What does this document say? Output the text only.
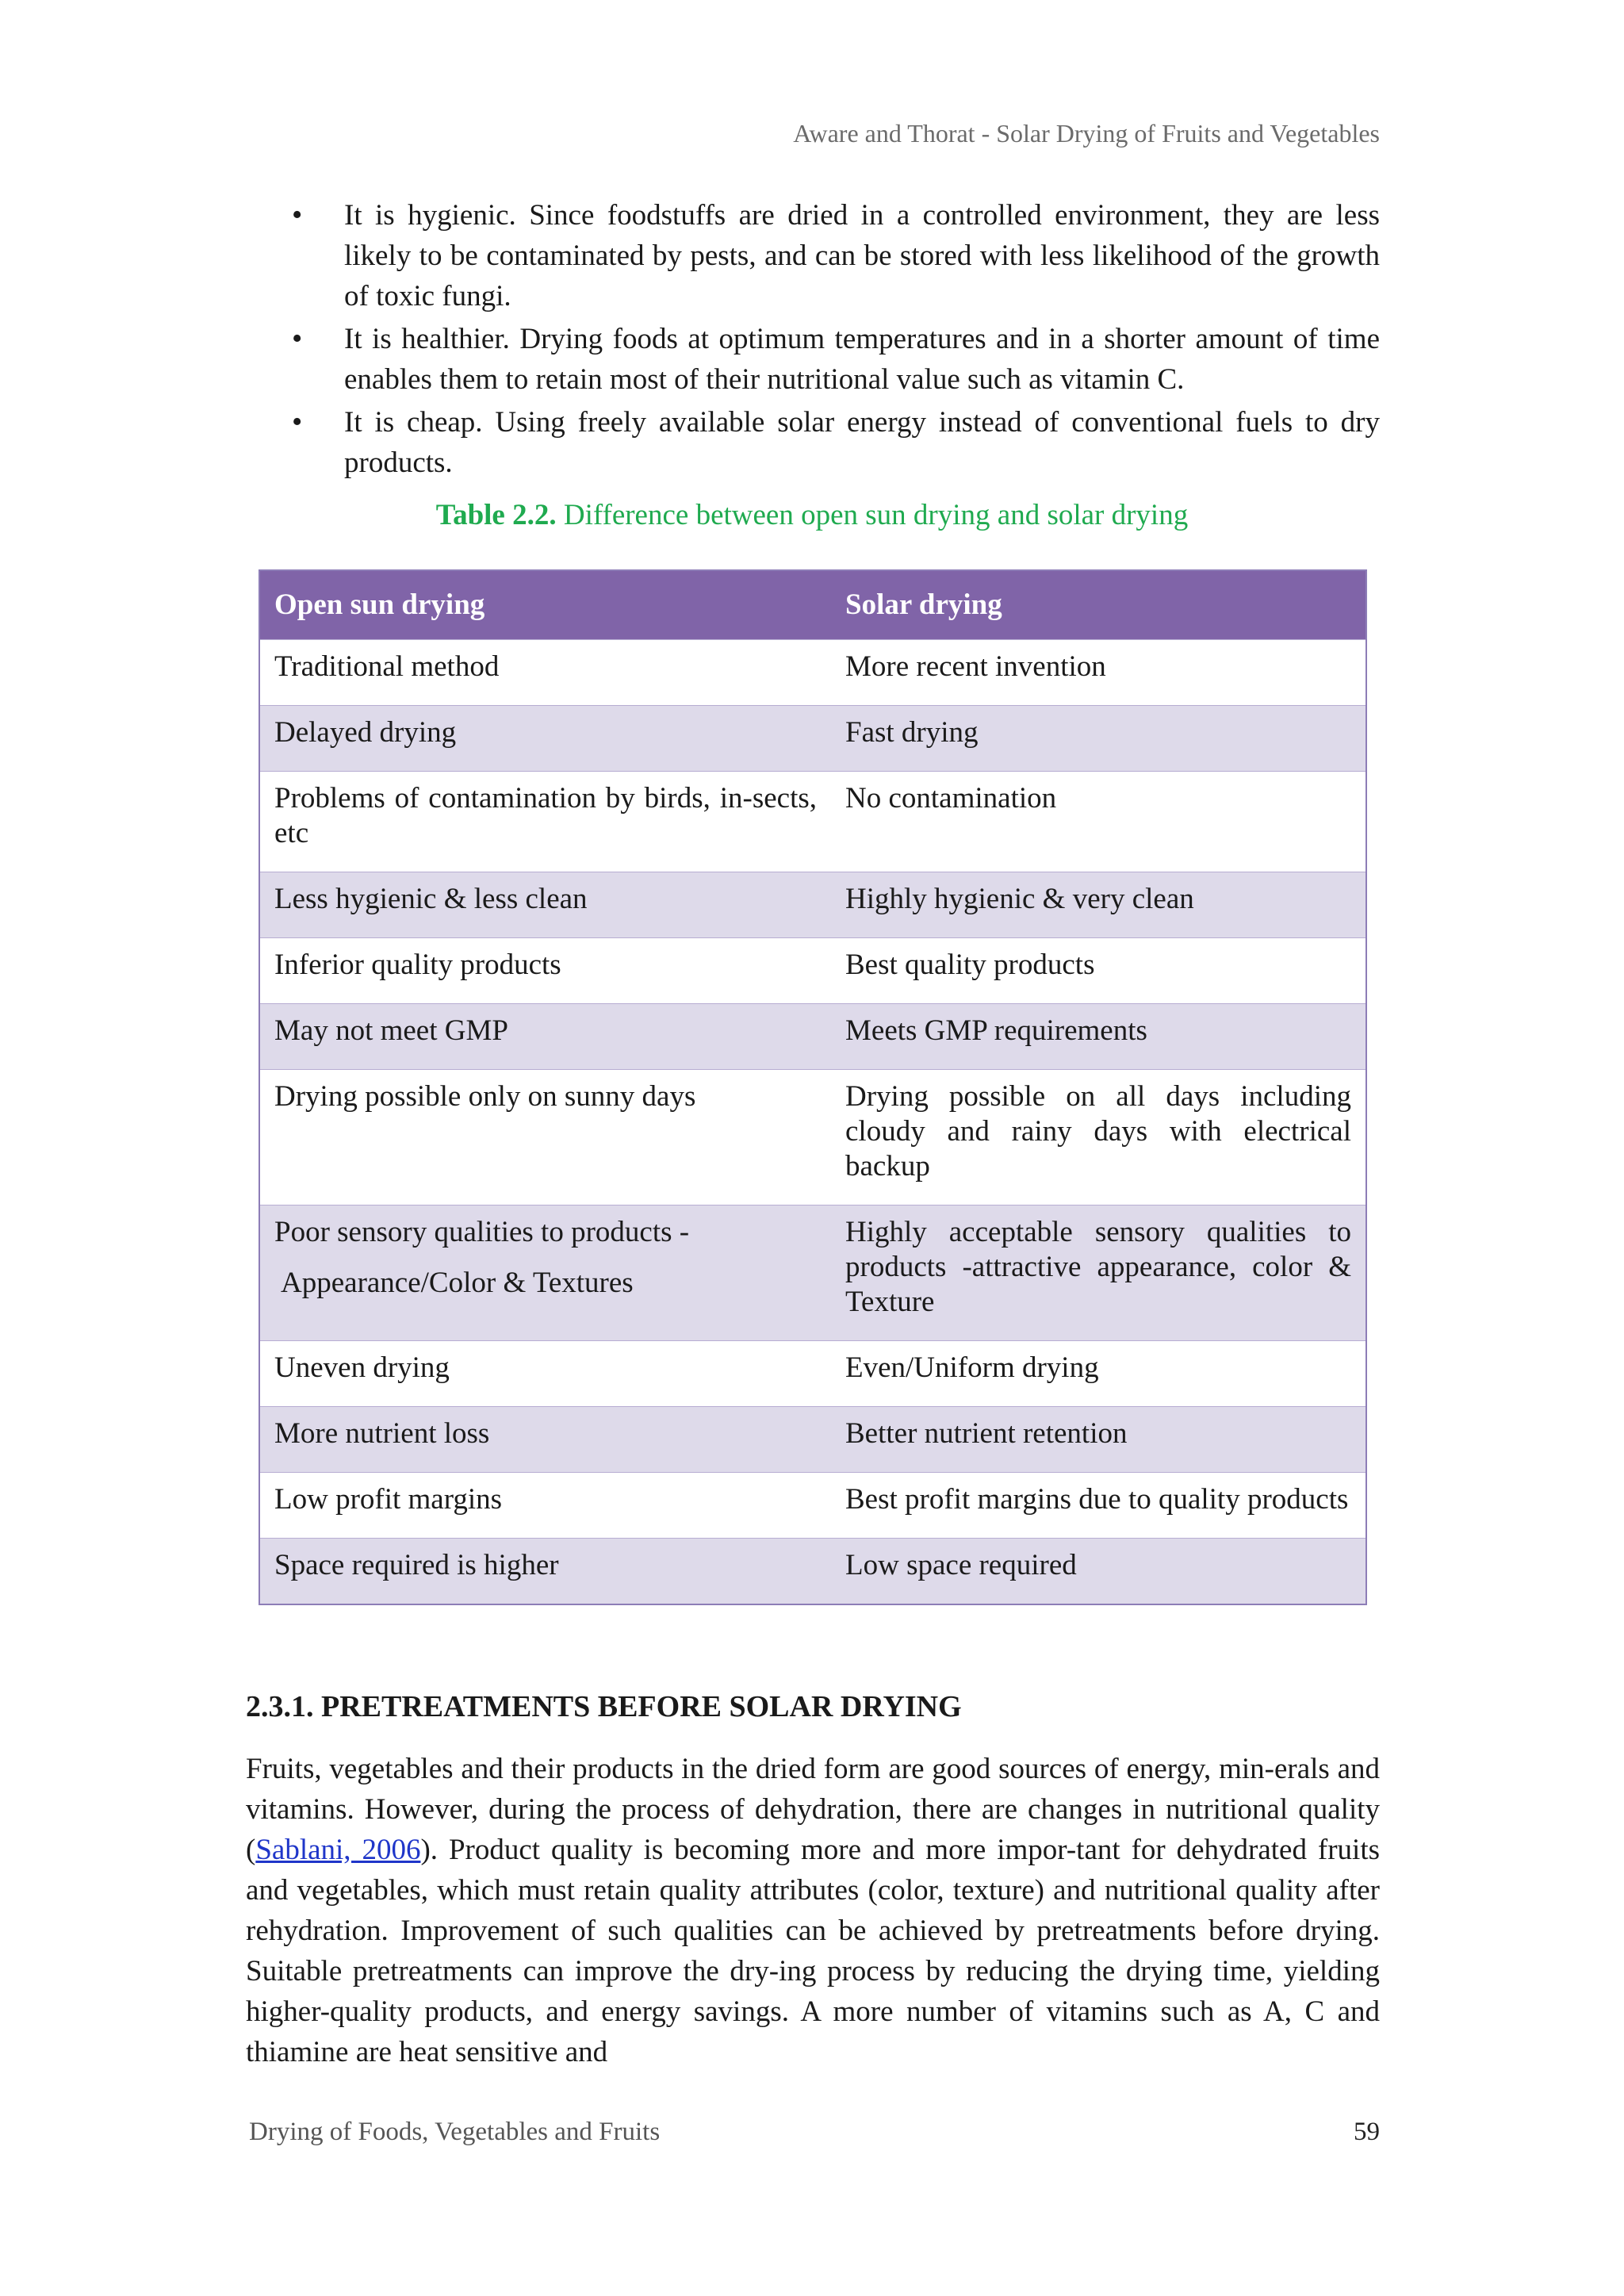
Aware and Thorat - Solar Drying of Fruits and Vegetables
• It is hygienic. Since foodstuffs are dried in a controlled environment, they are less likely to be contaminated by pests, and can be stored with less likelihood of the growth of toxic fungi.
• It is healthier. Drying foods at optimum temperatures and in a shorter amount of time enables them to retain most of their nutritional value such as vitamin C.
• It is cheap. Using freely available solar energy instead of conventional fuels to dry products.
Table 2.2. Difference between open sun drying and solar drying
Open sun drying	Solar drying
Traditional method	More recent invention
Delayed drying	Fast drying
Problems of contamination by birds, in-sects, etc	No contamination
Less hygienic & less clean	Highly hygienic & very clean
Inferior quality products	Best quality products
May not meet GMP	Meets GMP requirements
Drying possible only on sunny days	Drying possible on all days including cloudy and rainy days with electrical backup
Poor sensory qualities to products -
Appearance/Color & Textures	Highly acceptable sensory qualities to products -attractive appearance, color & Texture
Uneven drying	Even/Uniform drying
More nutrient loss	Better nutrient retention
Low profit margins	Best profit margins due to quality products
Space required is higher	Low space required
2.3.1. PRETREATMENTS BEFORE SOLAR DRYING

Fruits, vegetables and their products in the dried form are good sources of energy, min-erals and vitamins. However, during the process of dehydration, there are changes in nutritional quality (Sablani, 2006). Product quality is becoming more and more impor-tant for dehydrated fruits and vegetables, which must retain quality attributes (color, texture) and nutritional quality after rehydration. Improvement of such qualities can be achieved by pretreatments before drying. Suitable pretreatments can improve the dry-ing process by reducing the drying time, yielding higher-quality products, and energy savings. A more number of vitamins such as A, C and thiamine are heat sensitive and

Drying of Foods, Vegetables and Fruits	59
